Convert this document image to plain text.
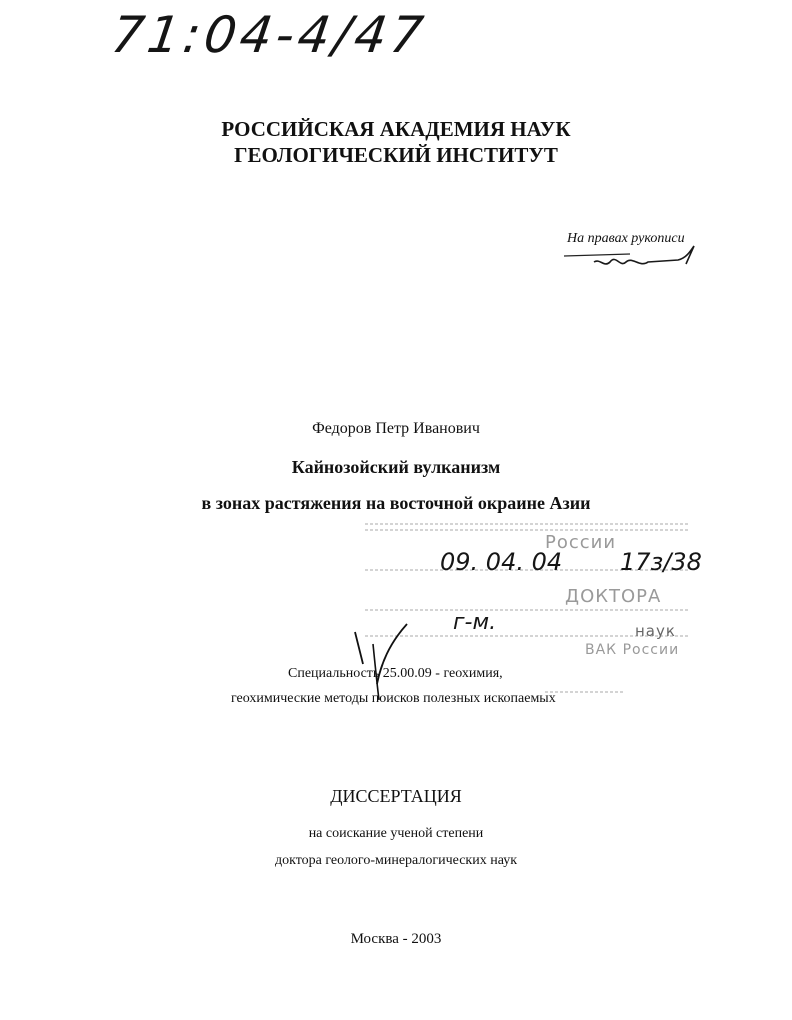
71:04-4/47
РОССИЙСКАЯ АКАДЕМИЯ НАУК
ГЕОЛОГИЧЕСКИЙ ИНСТИТУТ
На правах рукописи
Федоров Петр Иванович
Кайнозойский вулканизм
в зонах растяжения на восточной окраине Азии
России
09. 04. 04 17з/38
ДОКТОРА
г-м.	наук
ВАК России
Специальность 25.00.09 - геохимия,
геохимические методы поисков полезных ископаемых
ДИССЕРТАЦИЯ
на соискание ученой степени
доктора геолого-минералогических наук
Москва - 2003
